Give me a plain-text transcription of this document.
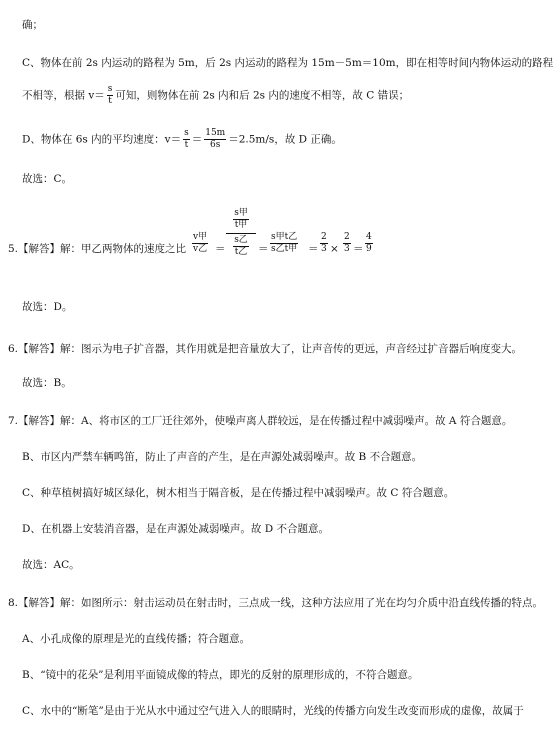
确；
C、物体在前 2s 内运动的路程为 5m，后 2s 内运动的路程为 15m－5m＝10m，即在相等时间内物体运动的路程
不相等，根据 $v= \frac{s}{t}$ 可知，则物体在前 2s 内和后 2s 内的速度不相等，故 C 错误；
D、物体在 6s 内的平均速度：$v= \frac{s}{t} = \frac{15m}{6s} =2.5m/s$，故 D 正确。
故选：C。
5.【解答】解：甲乙两物体的速度之比
v甲
v乙 ＝
$\frac{\text{s甲}}{\text{t甲}}$
$\frac{\text{s乙}}{\text{t乙}}$ ＝
s甲t乙
s乙t甲 ＝ $\frac{2}{3} \times \frac{2}{3} = \frac{4}{9}$
故选：D。
6.【解答】解：图示为电子扩音器，其作用就是把音量放大了，让声音传的更远，声音经过扩音器后响度变大。
故选：B。
7.【解答】解：A、将市区的工厂迁往郊外，使噪声离人群较远，是在传播过程中减弱噪声。故 A 符合题意。
B、市区内严禁车辆鸣笛，防止了声音的产生，是在声源处减弱噪声。故 B 不合题意。
C、种草植树搞好城区绿化，树木相当于隔音板，是在传播过程中减弱噪声。故 C 符合题意。
D、在机器上安装消音器，是在声源处减弱噪声。故 D 不合题意。
故选：AC。
8.【解答】解：如图所示：射击运动员在射击时，三点成一线，这种方法应用了光在均匀介质中沿直线传播的特点。
A、小孔成像的原理是光的直线传播；符合题意。
B、“镜中的花朵”是利用平面镜成像的特点，即光的反射的原理形成的，不符合题意。
C、水中的“断笔”是由于光从水中通过空气进入人的眼睛时，光线的传播方向发生改变而形成的虚像，故属于
